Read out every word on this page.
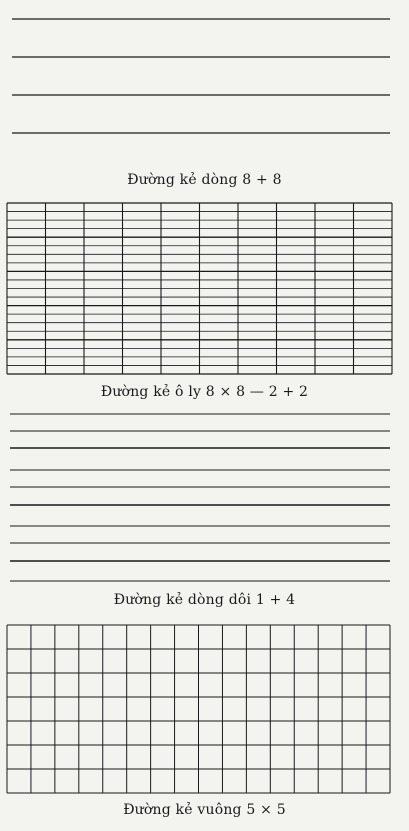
Đường kẻ dòng 8 + 8
Đường kẻ ô ly 8 × 8 — 2 + 2
Đường kẻ dòng dôi 1 + 4
Đường kẻ vuông 5 × 5
